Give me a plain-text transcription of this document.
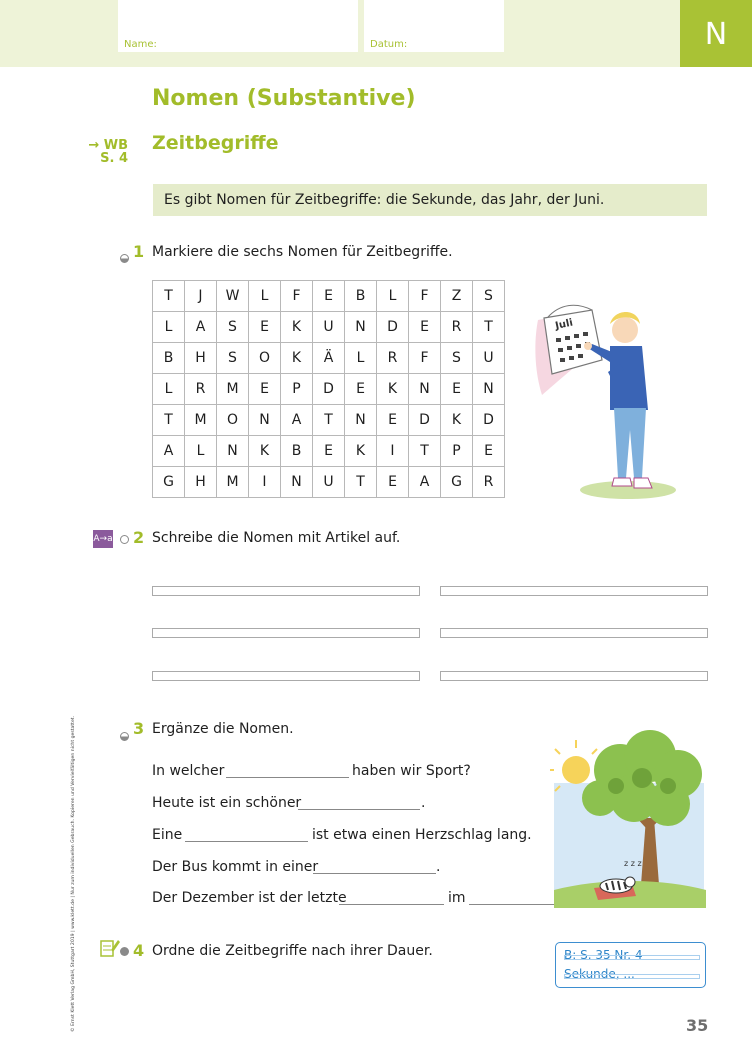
Name:	Datum:	N
Nomen (Substantive)
→ WB
S. 4
Zeitbegriffe
Es gibt Nomen für Zeitbegriffe: die Sekunde, das Jahr, der Juni.
1 Markiere die sechs Nomen für Zeitbegriffe.
T	J	W	L	F	E	B	L	F	Z	S
L	A	S	E	K	U	N	D	E	R	T
B	H	S	O	K	Ä	L	R	F	S	U
L	R	M	E	P	D	E	K	N	E	N
T	M	O	N	A	T	N	E	D	K	D
A	L	N	K	B	E	K	I	T	P	E
G	H	M	I	N	U	T	E	A	G	R
Juli
A→a 2 Schreibe die Nomen mit Artikel auf.
3 Ergänze die Nomen.
In welcher	haben wir Sport?
Heute ist ein schöner	.
Eine	ist etwa einen Herzschlag lang.
Der Bus kommt in einer	.
Der Dezember ist der letzte	im
z z z
4 Ordne die Zeitbegriffe nach ihrer Dauer.	B: S. 35 Nr. 4
Sekunde, ...
© Ernst Klett Verlag GmbH, Stuttgart 2019 | www.klett.de | Nur zum individuellen Gebrauch. Kopieren und Vervielfältigen nicht gestattet.	35
